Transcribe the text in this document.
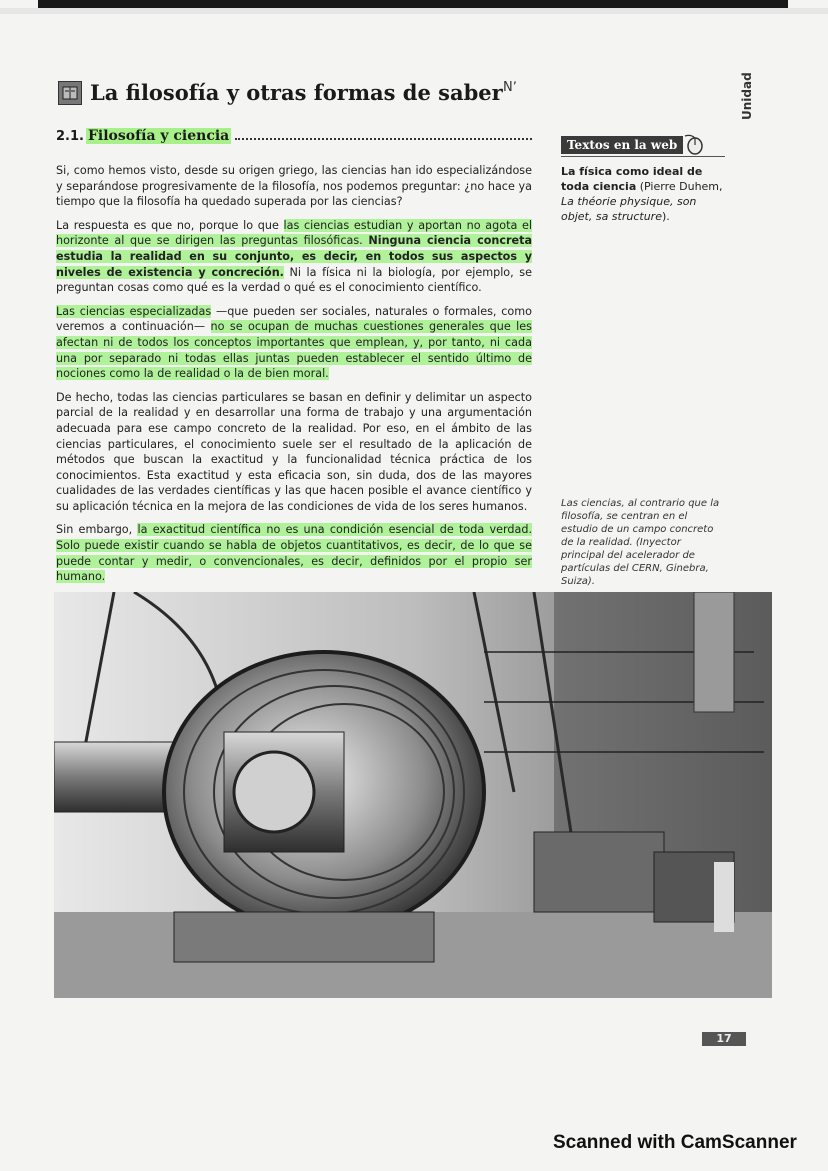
Unidad
La filosofía y otras formas de saber Nʼ
2.1. Filosofía y ciencia

Si, como hemos visto, desde su origen griego, las ciencias han ido especializándose y separándose progresivamente de la filosofía, nos podemos preguntar: ¿no hace ya tiempo que la filosofía ha quedado superada por las ciencias?

La respuesta es que no, porque lo que las ciencias estudian y aportan no agota el horizonte al que se dirigen las preguntas filosóficas. Ninguna ciencia concreta estudia la realidad en su conjunto, es decir, en todos sus aspectos y niveles de existencia y concreción. Ni la física ni la biología, por ejemplo, se preguntan cosas como qué es la verdad o qué es el conocimiento científico.

Las ciencias especializadas —que pueden ser sociales, naturales o formales, como veremos a continuación— no se ocupan de muchas cuestiones generales que les afectan ni de todos los conceptos importantes que emplean, y, por tanto, ni cada una por separado ni todas ellas juntas pueden establecer el sentido último de nociones como la de realidad o la de bien moral.

De hecho, todas las ciencias particulares se basan en definir y delimitar un aspecto parcial de la realidad y en desarrollar una forma de trabajo y una argumentación adecuada para ese campo concreto de la realidad. Por eso, en el ámbito de las ciencias particulares, el conocimiento suele ser el resultado de la aplicación de métodos que buscan la exactitud y la funcionalidad técnica práctica de los conocimientos. Esta exactitud y esta eficacia son, sin duda, dos de las mayores cualidades de las verdades científicas y las que hacen posible el avance científico y su aplicación técnica en la mejora de las condiciones de vida de los seres humanos.

Sin embargo, la exactitud científica no es una condición esencial de toda verdad. Solo puede existir cuando se habla de objetos cuantitativos, es decir, de lo que se puede contar y medir, o convencionales, es decir, definidos por el propio ser humano.

Textos en la web
La física como ideal de toda ciencia (Pierre Duhem, La théorie physique, son objet, sa structure).
Las ciencias, al contrario que la filosofía, se centran en el estudio de un campo concreto de la realidad. (Inyector principal del acelerador de partículas del CERN, Ginebra, Suiza).
17
Scanned with CamScanner
